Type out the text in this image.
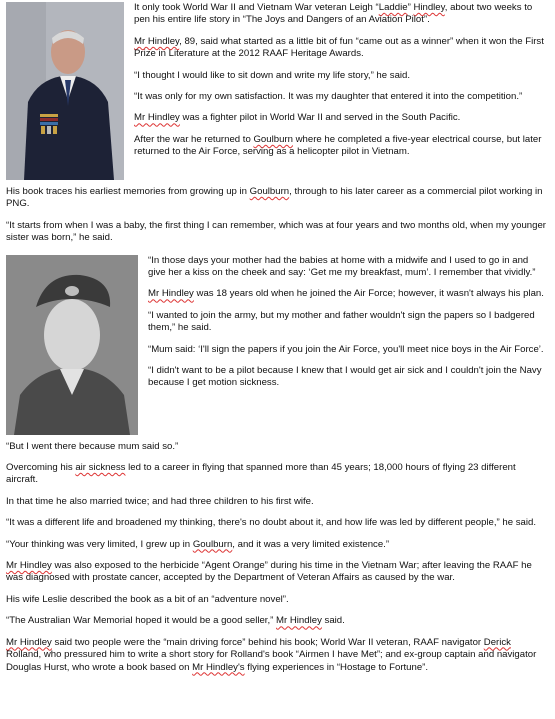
It only took World War II and Vietnam War veteran Leigh “Laddie” Hindley, about two weeks to pen his entire life story in “The Joys and Dangers of an Aviation Pilot”.

Mr Hindley, 89, said what started as a little bit of fun “came out as a winner” when it won the First Prize in Literature at the 2012 RAAF Heritage Awards.

“I thought I would like to sit down and write my life story,” he said.

“It was only for my own satisfaction. It was my daughter that entered it into the competition.”

Mr Hindley was a fighter pilot in World War II and served in the South Pacific.

After the war he returned to Goulburn where he completed a five-year electrical course, but later returned to the Air Force, serving as a helicopter pilot in Vietnam.

His book traces his earliest memories from growing up in Goulburn, through to his later career as a commercial pilot working in PNG.

“It starts from when I was a baby, the first thing I can remember, which was at four years and two months old, when my younger sister was born,” he said.

“In those days your mother had the babies at home with a midwife and I used to go in and give her a kiss on the cheek and say: ‘Get me my breakfast, mum’. I remember that vividly.”

Mr Hindley was 18 years old when he joined the Air Force; however, it wasn't always his plan.

“I wanted to join the army, but my mother and father wouldn't sign the papers so I badgered them,” he said.

“Mum said: ‘I'll sign the papers if you join the Air Force, you'll meet nice boys in the Air Force’.

“I didn't want to be a pilot because I knew that I would get air sick and I couldn't join the Navy because I get motion sickness.

“But I went there because mum said so.”

Overcoming his air sickness led to a career in flying that spanned more than 45 years; 18,000 hours of flying 23 different aircraft.

In that time he also married twice; and had three children to his first wife.

“It was a different life and broadened my thinking, there's no doubt about it, and how life was led by different people,” he said.

“Your thinking was very limited, I grew up in Goulburn, and it was a very limited existence.”

Mr Hindley was also exposed to the herbicide “Agent Orange” during his time in the Vietnam War; after leaving the RAAF he was diagnosed with prostate cancer, accepted by the Department of Veteran Affairs as caused by the war.

His wife Leslie described the book as a bit of an “adventure novel”.

“The Australian War Memorial hoped it would be a good seller,” Mr Hindley said.

Mr Hindley said two people were the “main driving force” behind his book; World War II veteran, RAAF navigator Derick Rolland, who pressured him to write a short story for Rolland's book “Airmen I have Met”; and ex-group captain and navigator Douglas Hurst, who wrote a book based on Mr Hindley's flying experiences in “Hostage to Fortune”.
